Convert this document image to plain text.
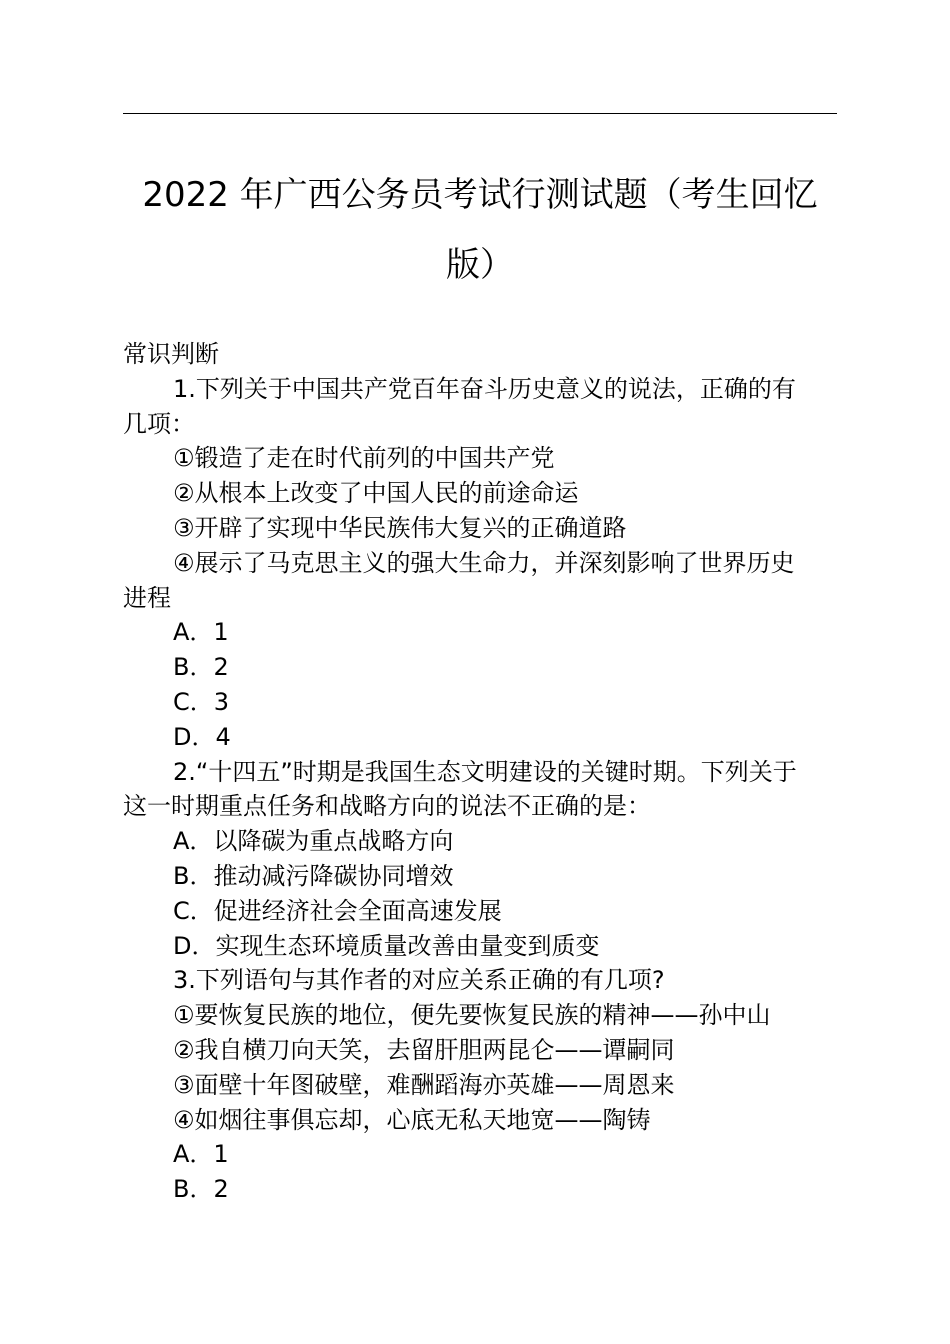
2022 年广西公务员考试行测试题（考生回忆
版）
常识判断
1.下列关于中国共产党百年奋斗历史意义的说法，正确的有
几项：
①锻造了走在时代前列的中国共产党
②从根本上改变了中国人民的前途命运
③开辟了实现中华民族伟大复兴的正确道路
④展示了马克思主义的强大生命力，并深刻影响了世界历史
进程
A．1
B．2
C．3
D．4
2.“十四五”时期是我国生态文明建设的关键时期。下列关于
这一时期重点任务和战略方向的说法不正确的是：
A．以降碳为重点战略方向
B．推动减污降碳协同增效
C．促进经济社会全面高速发展
D．实现生态环境质量改善由量变到质变
3.下列语句与其作者的对应关系正确的有几项?
①要恢复民族的地位，便先要恢复民族的精神——孙中山
②我自横刀向天笑，去留肝胆两昆仑——谭嗣同
③面壁十年图破壁，难酬蹈海亦英雄——周恩来
④如烟往事俱忘却，心底无私天地宽——陶铸
A．1
B．2
